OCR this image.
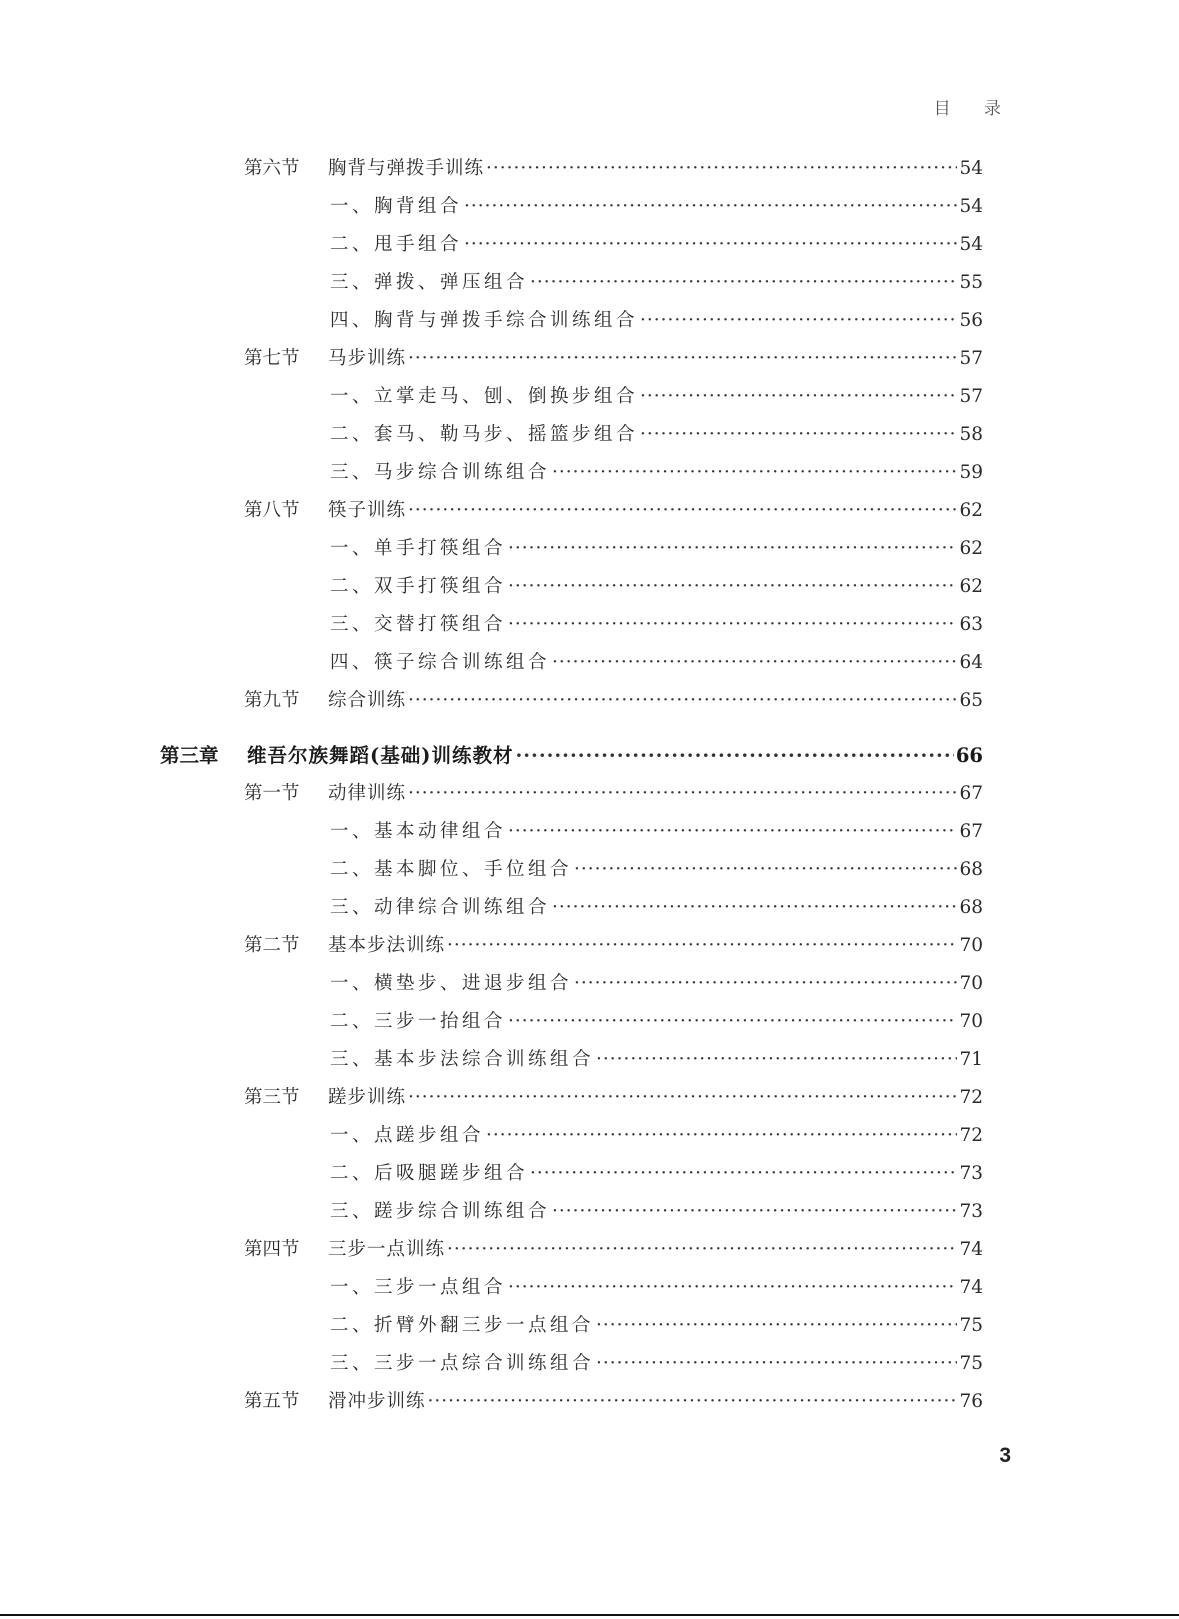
目 录
第六节	胸背与弹拨手训练 ·····	54
一、胸背组合 ·····	54
二、甩手组合 ·····	54
三、弹拨、弹压组合 ·····	55
四、胸背与弹拨手综合训练组合 ·····	56
第七节	马步训练 ·····	57
一、立掌走马、刨、倒换步组合 ·····	57
二、套马、勒马步、摇篮步组合 ·····	58
三、马步综合训练组合 ·····	59
第八节	筷子训练 ·····	62
一、单手打筷组合 ·····	62
二、双手打筷组合 ·····	62
三、交替打筷组合 ·····	63
四、筷子综合训练组合 ·····	64
第九节	综合训练 ·····	65
第三章	维吾尔族舞蹈(基础)训练教材 ·····	66
第一节	动律训练 ·····	67
一、基本动律组合 ·····	67
二、基本脚位、手位组合 ·····	68
三、动律综合训练组合 ·····	68
第二节	基本步法训练 ·····	70
一、横垫步、进退步组合 ·····	70
二、三步一抬组合 ·····	70
三、基本步法综合训练组合 ·····	71
第三节	蹉步训练 ·····	72
一、点蹉步组合 ·····	72
二、后吸腿蹉步组合 ·····	73
三、蹉步综合训练组合 ·····	73
第四节	三步一点训练 ·····	74
一、三步一点组合 ·····	74
二、折臂外翻三步一点组合 ·····	75
三、三步一点综合训练组合 ·····	75
第五节	滑冲步训练 ·····	76
3
